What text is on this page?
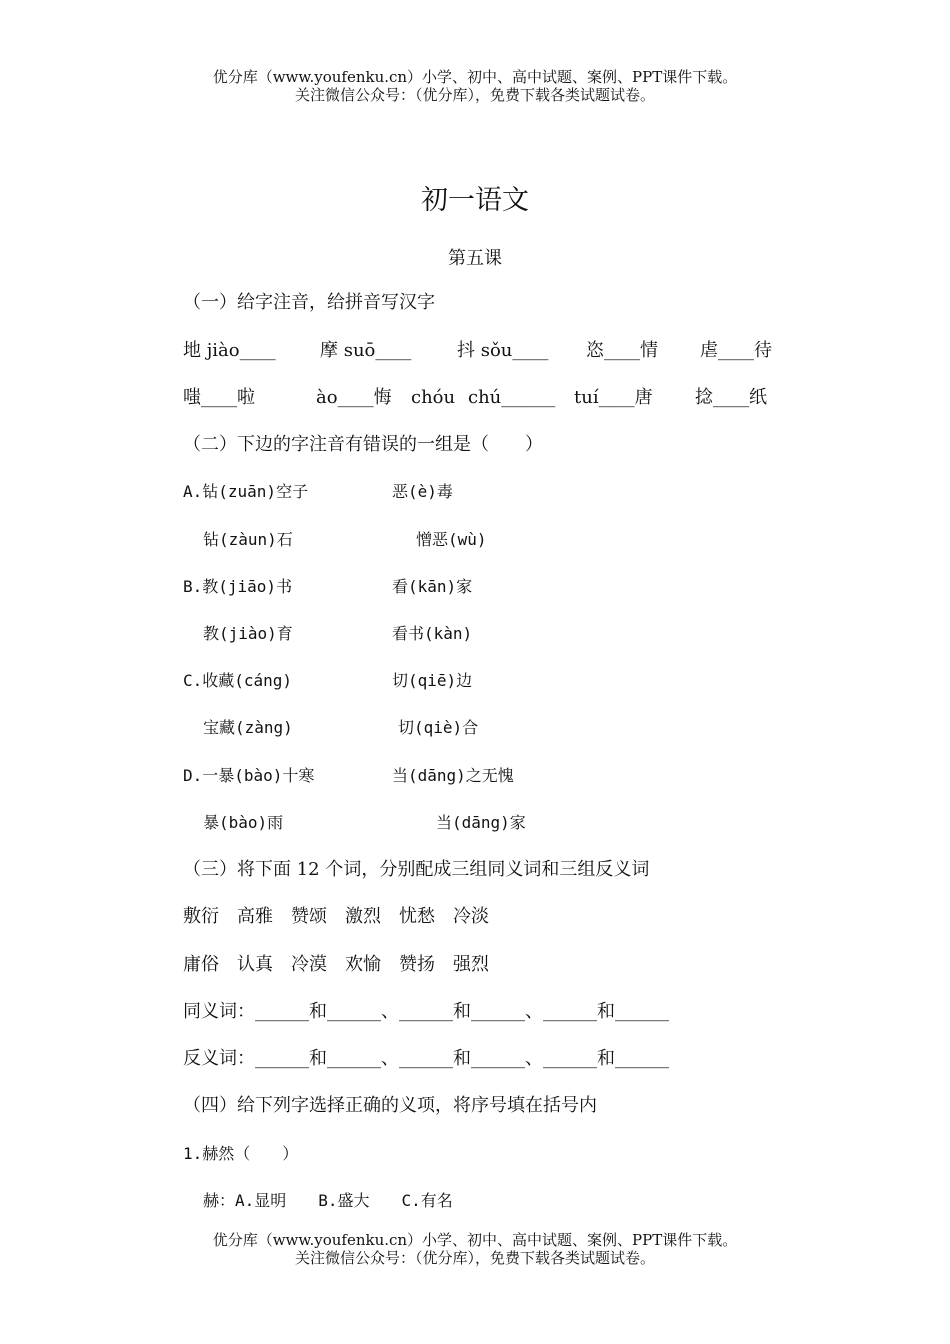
优分库（www.youfenku.cn）小学、初中、高中试题、案例、PPT课件下载。
关注微信公众号：（优分库），免费下载各类试题试卷。
初一语文
第五课
（一）给字注音，给拼音写汉字
地 jiào____ 摩 suō____	抖 sǒu____ 恣____情 虐____待
嗤____啦	ào____悔 chóu chú______ tuí____唐 捻____纸
（二）下边的字注音有错误的一组是（　　）
A.钻(zuān)空子	恶(è)毒
钻(zàun)石	憎恶(wù)
B.教(jiāo)书	看(kān)家
教(jiào)育	看书(kàn)
C.收藏(cáng)	切(qiē)边
宝藏(zàng)	切(qiè)合
D.一暴(bào)十寒	当(dāng)之无愧
暴(bào)雨	当(dāng)家
（三）将下面 12 个词，分别配成三组同义词和三组反义词
敷衍　高雅　赞颂　激烈　忧愁　冷淡
庸俗　认真　冷漠　欢愉　赞扬　强烈
同义词：______和______、______和______、______和______
反义词：______和______、______和______、______和______
（四）给下列字选择正确的义项，将序号填在括号内
1.赫然（　　）
赫：A.显明　　B.盛大　　C.有名
优分库（www.youfenku.cn）小学、初中、高中试题、案例、PPT课件下载。
关注微信公众号：（优分库），免费下载各类试题试卷。
